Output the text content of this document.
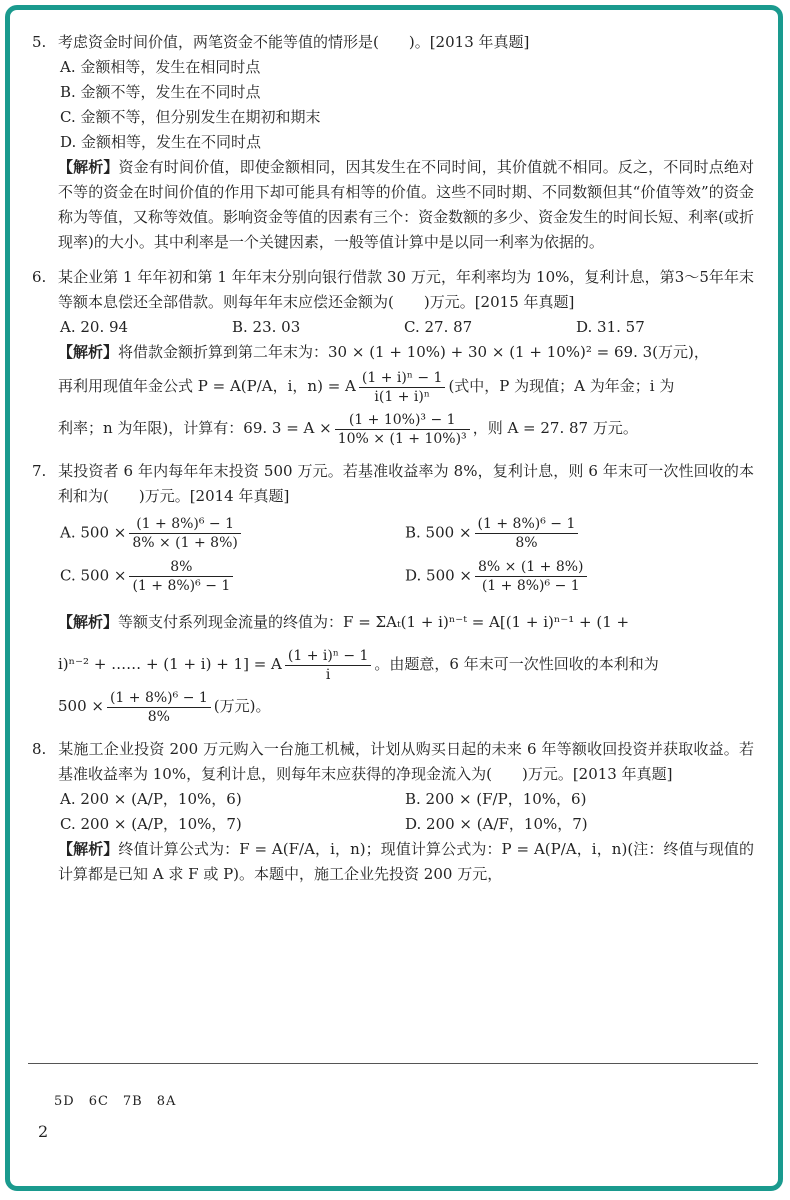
5. 考虑资金时间价值，两笔资金不能等值的情形是(　　)。[2013 年真题]
A. 金额相等，发生在相同时点
B. 金额不等，发生在不同时点
C. 金额不等，但分别发生在期初和期末
D. 金额相等，发生在不同时点
【解析】资金有时间价值，即使金额相同，因其发生在不同时间，其价值就不相同。反之，不同时点绝对不等的资金在时间价值的作用下却可能具有相等的价值。这些不同时期、不同数额但其“价值等效”的资金称为等值，又称等效值。影响资金等值的因素有三个：资金数额的多少、资金发生的时间长短、利率(或折现率)的大小。其中利率是一个关键因素，一般等值计算中是以同一利率为依据的。
6. 某企业第 1 年年初和第 1 年年末分别向银行借款 30 万元，年利率均为 10%，复利计息，第3～5年年末等额本息偿还全部借款。则每年年末应偿还金额为(　　)万元。[2015 年真题]
A. 20. 94	B. 23. 03	C. 27. 87	D. 31. 57
【解析】将借款金额折算到第二年末为：30 × (1 + 10%) + 30 × (1 + 10%)² = 69. 3(万元)，
再利用现值年金公式 P = A(P/A，i，n) = A $\frac{\text{(1 + i)ⁿ − 1}}{\text{i(1 + i)ⁿ}}$ (式中，P 为现值；A 为年金；i 为
利率；n 为年限)，计算有：69. $3 = A \times \frac{\text{(1 + 10\%)³ − 1}}{\text{10\% × (1 + 10\%)³}}$ ，则 A = 27. 87 万元。
7. 某投资者 6 年内每年年末投资 500 万元。若基准收益率为 8%，复利计息，则 6 年末可一次性回收的本利和为(　　)万元。[2014 年真题]
A. $500 \times \frac{\text{(1 + 8\%)⁶ − 1}}{8\% \times (1 + 8\%)}$	B. $500 \times \frac{\text{(1 + 8\%)⁶ − 1}}{8\%}$
C. $500 \times \frac{8\%}{\text{(1 + 8\%)⁶ − 1}}$	D. $500 \times \frac{8\% \times (1 + 8\%)}{\text{(1 + 8\%)⁶ − 1}}$
【解析】等额支付系列现金流量的终值为：F = ΣAₜ(1 + i)ⁿ⁻ᵗ = A[(1 + i)ⁿ⁻¹ + (1 +
i)ⁿ⁻² + …… + (1 + i) + 1] = A $\frac{\text{(1 + i)ⁿ − 1}}{i}$ 。由题意，6 年末可一次性回收的本利和为
$500 \times \frac{\text{(1 + 8\%)⁶ − 1}}{8\%}$ (万元)。
8. 某施工企业投资 200 万元购入一台施工机械，计划从购买日起的未来 6 年等额收回投资并获取收益。若基准收益率为 10%，复利计息，则每年末应获得的净现金流入为(　　)万元。[2013 年真题]
A. 200 × (A/P，10%，6)	B. 200 × (F/P，10%，6)
C. 200 × (A/P，10%，7)	D. 200 × (A/F，10%，7)
【解析】终值计算公式为：F = A(F/A，i，n)；现值计算公式为：P = A(P/A，i，n)(注：终值与现值的计算都是已知 A 求 F 或 P)。本题中，施工企业先投资 200 万元，
5D　6C　7B　8A
2
